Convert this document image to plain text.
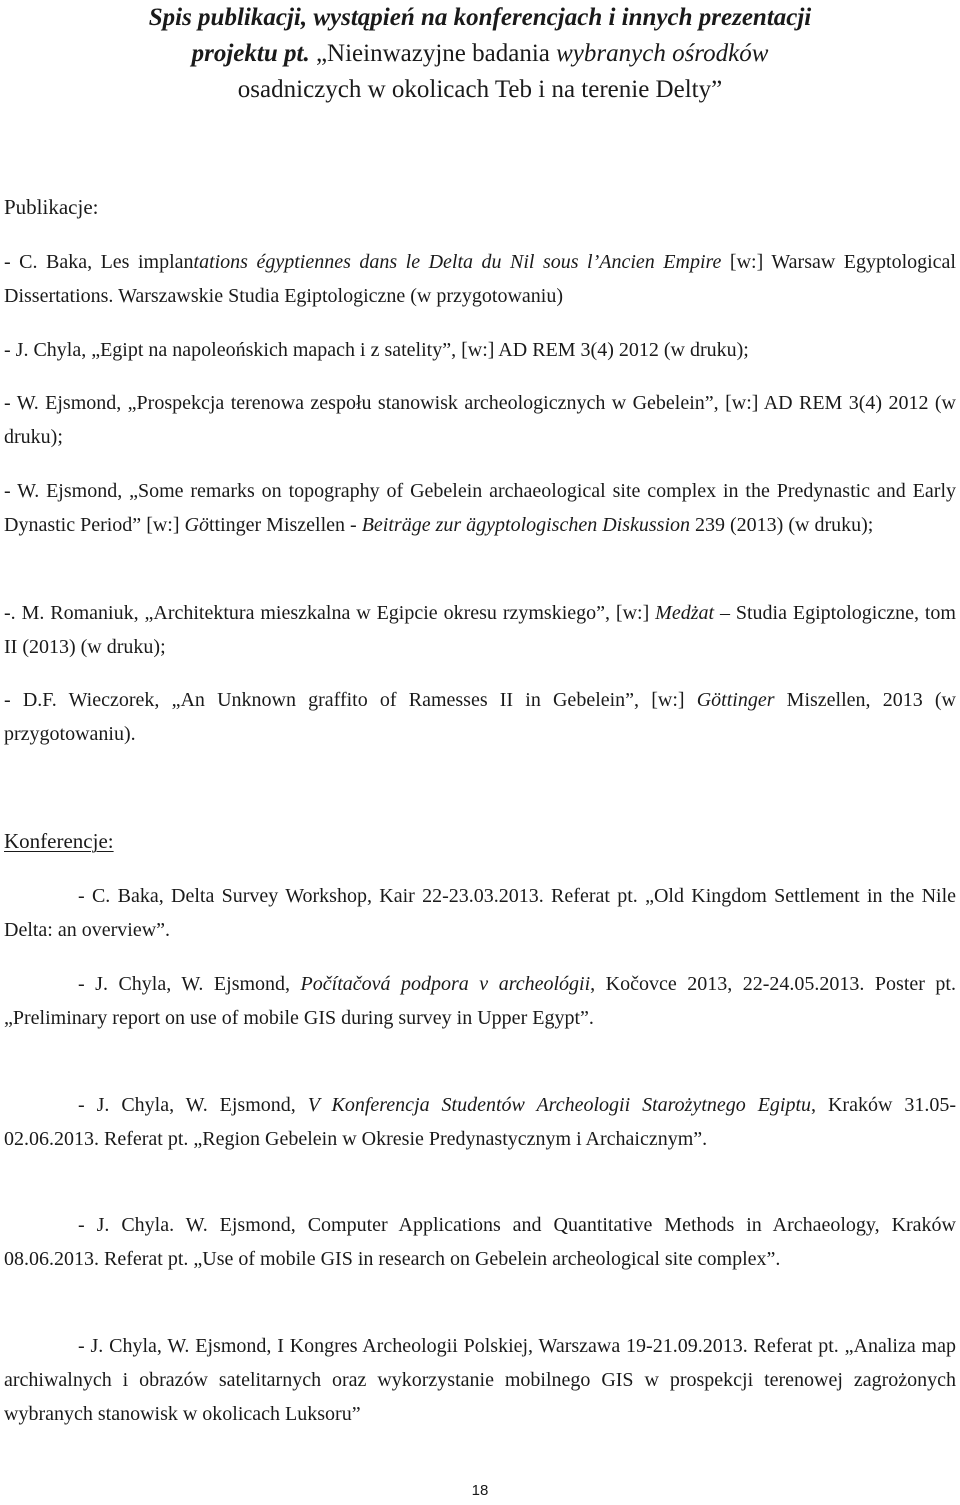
Spis publikacji, wystąpień na konferencjach i innych prezentacji
projektu pt. „Nieinwazyjne badania wybranych ośrodków
osadniczych w okolicach Teb i na terenie Delty”
Publikacje:
- C. Baka, Les implantations égyptiennes dans le Delta du Nil sous l’Ancien Empire [w:] Warsaw Egyptological Dissertations. Warszawskie Studia Egiptologiczne (w przygotowaniu)
- J. Chyla, „Egipt na napoleońskich mapach i z satelity”, [w:] AD REM 3(4) 2012 (w druku);
- W. Ejsmond, „Prospekcja terenowa zespołu stanowisk archeologicznych w Gebelein”, [w:] AD REM 3(4) 2012 (w druku);
- W. Ejsmond, „Some remarks on topography of Gebelein archaeological site complex in the Predynastic and Early Dynastic Period” [w:] Göttinger Miszellen - Beiträge zur ägyptologischen Diskussion 239 (2013) (w druku);
-. M. Romaniuk, „Architektura mieszkalna w Egipcie okresu rzymskiego”, [w:] Medżat – Studia Egiptologiczne, tom II (2013) (w druku);
- D.F. Wieczorek, „An Unknown graffito of Ramesses II in Gebelein”, [w:] Göttinger Miszellen, 2013 (w przygotowaniu).
Konferencje:
- C. Baka, Delta Survey Workshop, Kair 22-23.03.2013. Referat pt. „Old Kingdom Settlement in the Nile Delta: an overview”.
- J. Chyla, W. Ejsmond, Počítačová podpora v archeológii, Kočovce 2013, 22-24.05.2013. Poster pt. „Preliminary report on use of mobile GIS during survey in Upper Egypt”.
- J. Chyla, W. Ejsmond, V Konferencja Studentów Archeologii Starożytnego Egiptu, Kraków 31.05-02.06.2013. Referat pt. „Region Gebelein w Okresie Predynastycznym i Archaicznym”.
- J. Chyla. W. Ejsmond, Computer Applications and Quantitative Methods in Archaeology, Kraków 08.06.2013. Referat pt. „Use of mobile GIS in research on Gebelein archeological site complex”.
- J. Chyla, W. Ejsmond, I Kongres Archeologii Polskiej, Warszawa 19-21.09.2013. Referat pt. „Analiza map archiwalnych i obrazów satelitarnych oraz wykorzystanie mobilnego GIS w prospekcji terenowej zagrożonych wybranych stanowisk w okolicach Luksoru”
18
